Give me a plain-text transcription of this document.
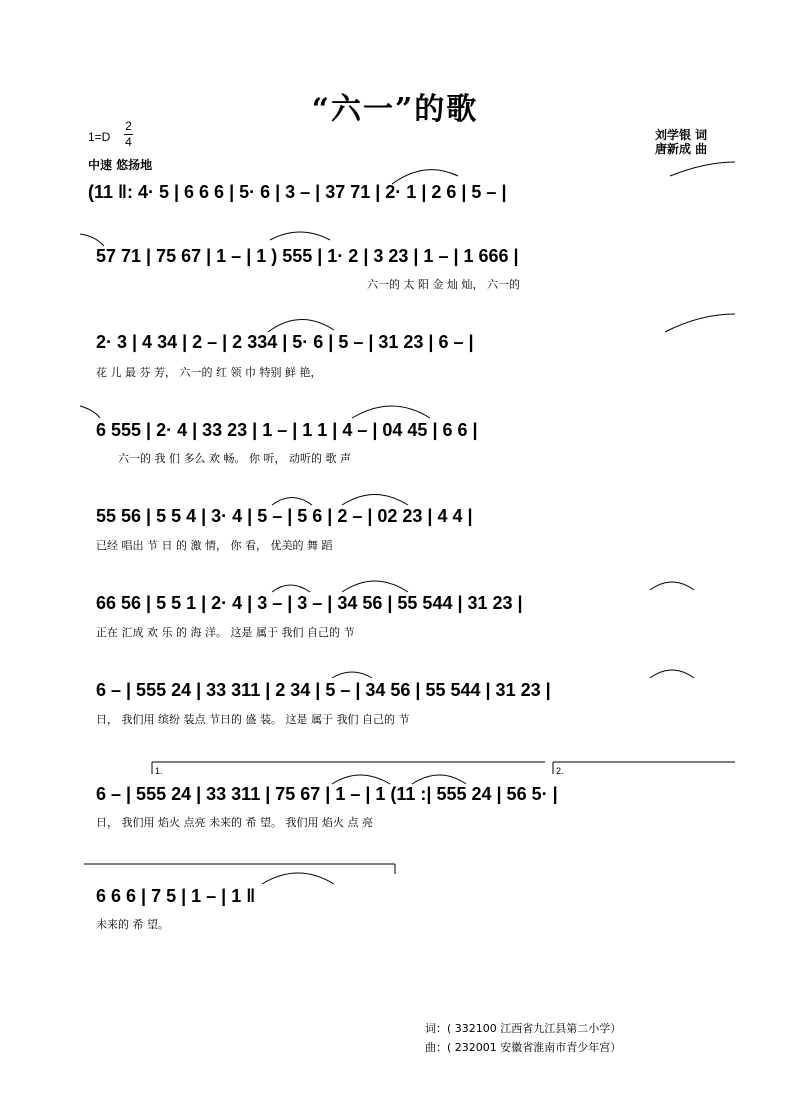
“六一”的歌
1=D
2
4
中速 悠扬地
刘学银 词
唐新成 曲
(11 ‖: 4· 5 | 6 6 6 | 5· 6 | 3 – | 37 71 | 2· 1 | 2 6 | 5 – |
57 71 | 75 67 | 1 – | 1 ) 555 | 1· 2 | 3 23 | 1 – | 1 666 |
六一的 太 阳 金 灿 灿， 六一的
2· 3 | 4 34 | 2 – | 2 334 | 5· 6 | 5 – | 31 23 | 6 – |
花 儿 最 芬 芳， 六一的 红 领 巾 特别 鲜 艳，
6 555 | 2· 4 | 33 23 | 1 – | 1 1 | 4 – | 04 45 | 6 6 |
六一的 我 们 多么 欢 畅。 你 听， 动听的 歌 声
55 56 | 5 5 4 | 3· 4 | 5 – | 5 6 | 2 – | 02 23 | 4 4 |
已经 唱出 节 日 的 激 情， 你 看， 优美的 舞 蹈
66 56 | 5 5 1 | 2· 4 | 3 – | 3 – | 34 56 | 55 544 | 31 23 |
正在 汇成 欢 乐 的 海 洋。 这是 属于 我们 自己的 节
6 – | 555 24 | 33 311 | 2 34 | 5 – | 34 56 | 55 544 | 31 23 |
日， 我们用 缤纷 装点 节日的 盛 装。 这是 属于 我们 自己的 节
1.	2.
6 – | 555 24 | 33 311 | 75 67 | 1 – | 1 (11 :| 555 24 | 56 5· |
日， 我们用 焰火 点亮 未来的 希 望。 我们用 焰火 点 亮
6 6 6 | 7 5 | 1 – | 1 ‖
未来的 希 望。
词：( 332100 江西省九江县第二小学）
曲：( 232001 安徽省淮南市青少年宫）
